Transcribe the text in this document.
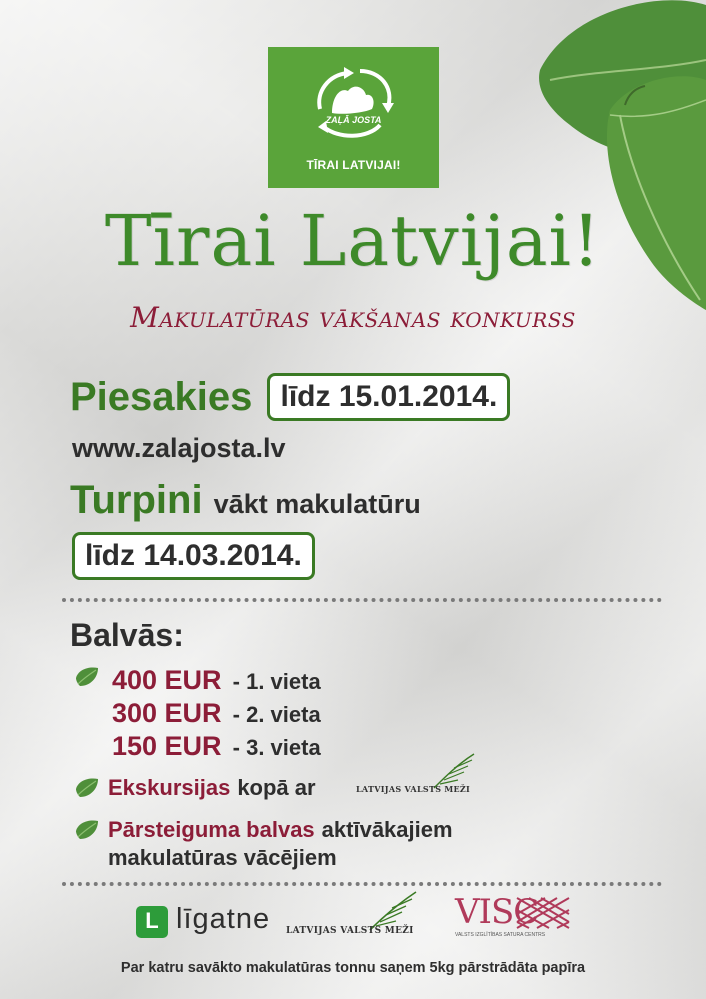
ZAĻĀ JOSTA
TĪRAI LATVIJAI!
Tīrai Latvijai!
Makulatūras vākšanas konkurss
Piesakies līdz 15.01.2014.
www.zalajosta.lv
Turpini vākt makulatūru
līdz 14.03.2014.
Balvās:
400 EUR - 1. vieta
300 EUR - 2. vieta
150 EUR - 3. vieta
Ekskursijas kopā ar	LATVIJAS VALSTS MEŽI
Pārsteiguma balvas aktīvākajiem
makulatūras vācējiem
L līgatne LATVIJAS VALSTS MEŽI VISC
VALSTS IZGLĪTĪBAS SATURA CENTRS
Par katru savākto makulatūras tonnu saņem 5kg pārstrādāta papīra
